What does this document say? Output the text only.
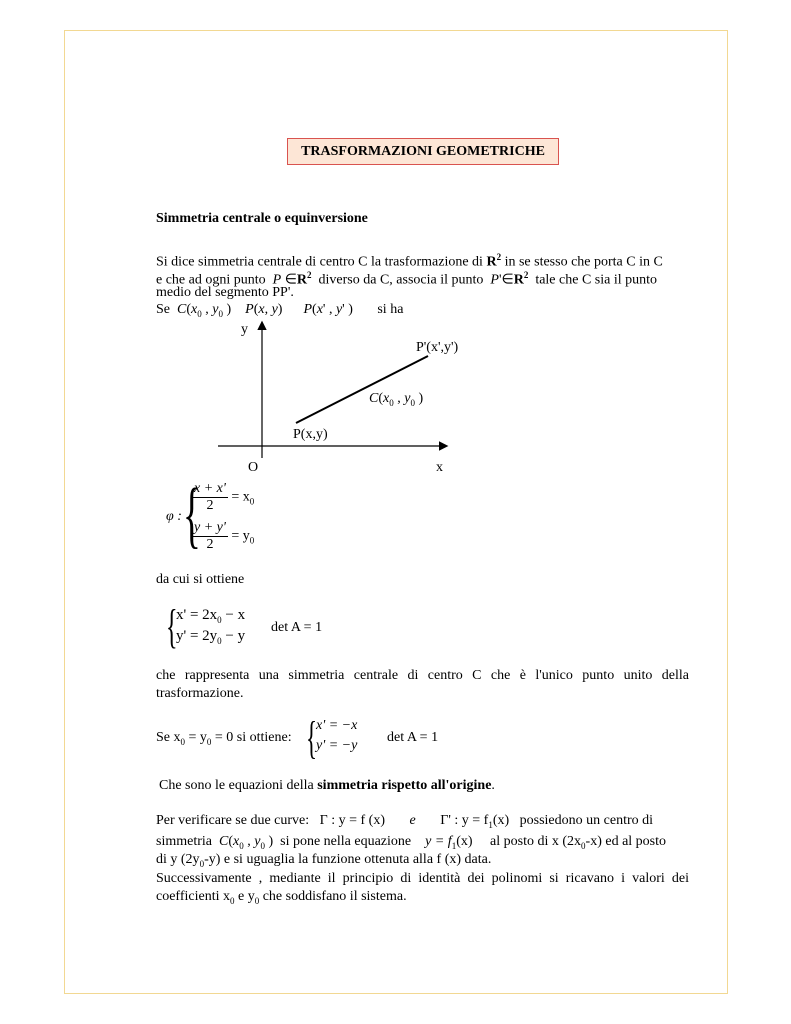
TRASFORMAZIONI GEOMETRICHE
Simmetria centrale o equinversione
Si dice simmetria centrale di centro C la trasformazione di $R^2$ in se stesso che porta C in C
e che ad ogni punto P $\in R^2$ diverso da C, associa il punto $P'\in R^2$ tale che C sia il punto
medio del segmento PP'.
Se $C(x_0$ , $y_0$ )    P(x, y)      P(x' , y' )       si ha
y
P'(x',y')
$C(x_0$ , $y_0$ )
P(x,y)
O	x
φ : {
$\frac{x + x'}{2} = x_0$
$\frac{y + y'}{2} = y_0$
da cui si ottiene
{
$x' = 2x_0 - x$
$y' = 2y_0 - y$
det A = 1
che rappresenta una simmetria centrale di centro C che è l'unico punto unito della trasformazione.
Se $x_0 = y_0 = 0$ si ottiene: {
x' = −x
y' = −y
det A = 1
Che sono le equazioni della simmetria rispetto all'origine.
Per verificare se due curve: Γ : y = f (x) e Γ' : $y = f_1(x)$ possiedono un centro di
simmetria $C(x_0$ , $y_0$ )  si pone nella equazione $y = f_1(x)$ al posto di x $(2x_0-x)$ ed al posto
di y $(2y_0-y)$ e si uguaglia la funzione ottenuta alla f (x) data.
Successivamente , mediante il principio di identità dei polinomi si ricavano i valori dei coefficienti $x_0$ e $y_0$ che soddisfano il sistema.
